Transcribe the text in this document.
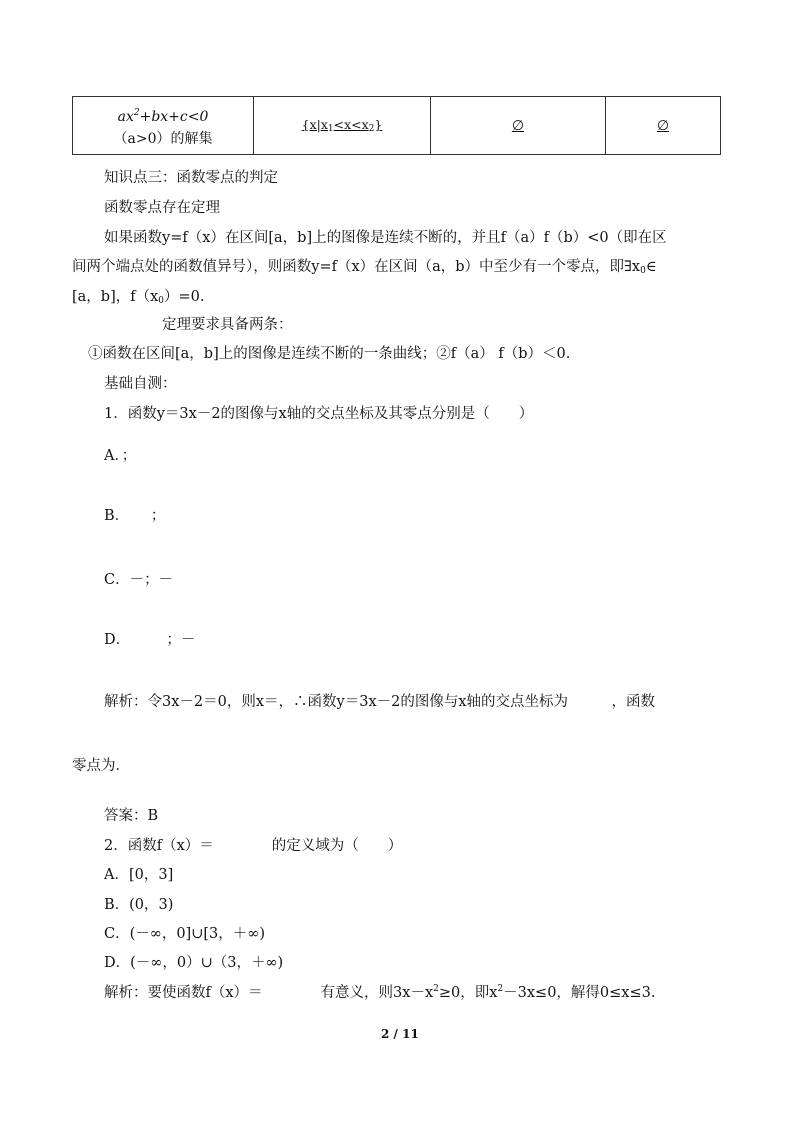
$ax^2+bx+c<0$
（a>0）的解集
	$\{x|x_1<x<x_2\}$	∅	∅
知识点三：函数零点的判定
函数零点存在定理
如果函数y=f（x）在区间[a，b]上的图像是连续不断的，并且f（a）f（b）<0（即在区
间两个端点处的函数值异号），则函数y=f（x）在区间（a，b）中至少有一个零点，即$\exists x_0\in$
[a，b]，$f(x_0)=0$.
定理要求具备两条：
①函数在区间[a，b]上的图像是连续不断的一条曲线；②f（a） f（b）＜0.
基础自测：
1．函数y＝3x－2的图像与x轴的交点坐标及其零点分别是（　　）
A．；
B．　　；
C．－；－
D．　　　；－
解析：令3x－2＝0，则x＝，∴函数y＝3x－2的图像与x轴的交点坐标为　　　，函数
零点为．
答案：B
2．函数f（x）＝　　　　的定义域为（　　）
A．[0，3]
B．(0，3)
C．(－∞，0]∪[3，＋∞)
D．(－∞，0）∪（3，＋∞)
解析：要使函数f（x）＝　　　　有意义，则$3x-x^2\ge 0$，即$x^2-3x\le 0$，解得0≤x≤3.
2 / 11
